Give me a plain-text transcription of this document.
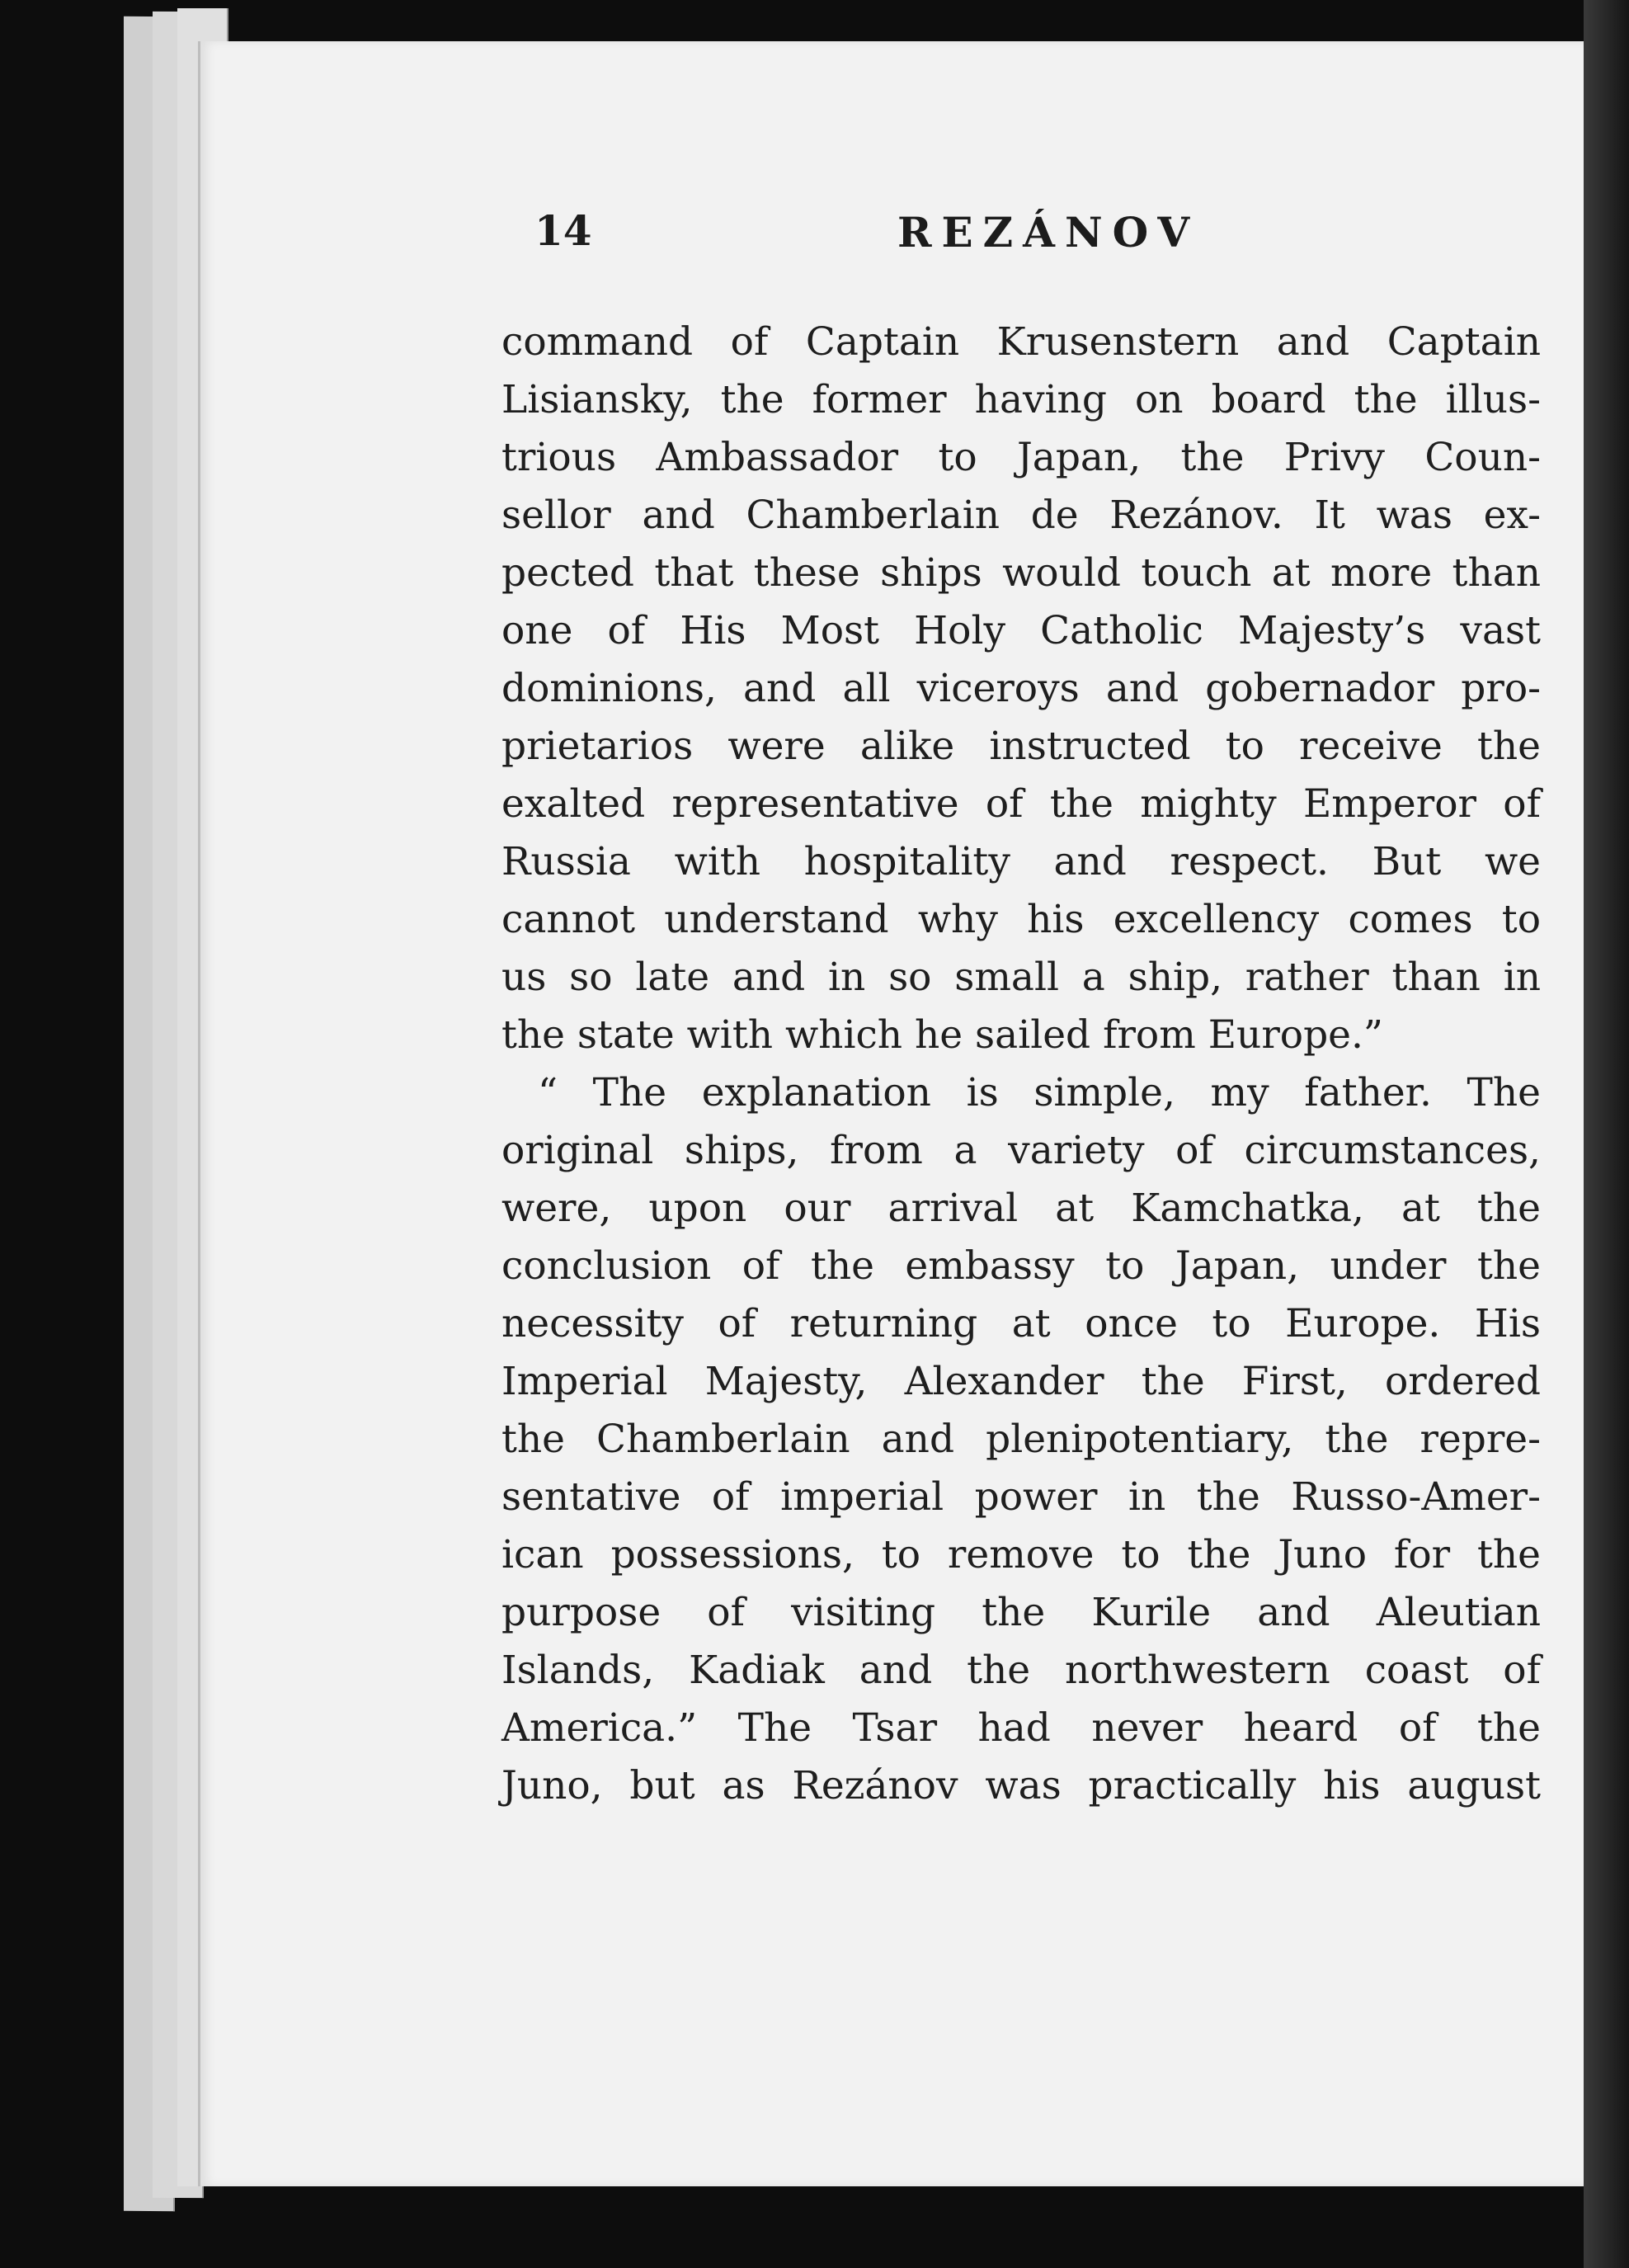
14	REZÁNOV
command of Captain Krusenstern and Captain
Lisiansky, the former having on board the illus-
trious Ambassador to Japan, the Privy Coun-
sellor and Chamberlain de Rezánov. It was ex-
pected that these ships would touch at more than
one of His Most Holy Catholic Majesty’s vast
dominions, and all viceroys and gobernador pro-
prietarios were alike instructed to receive the
exalted representative of the mighty Emperor of
Russia with hospitality and respect. But we
cannot understand why his excellency comes to
us so late and in so small a ship, rather than in
the state with which he sailed from Europe.”
“ The explanation is simple, my father. The
original ships, from a variety of circumstances,
were, upon our arrival at Kamchatka, at the
conclusion of the embassy to Japan, under the
necessity of returning at once to Europe. His
Imperial Majesty, Alexander the First, ordered
the Chamberlain and plenipotentiary, the repre-
sentative of imperial power in the Russo-Amer-
ican possessions, to remove to the Juno for the
purpose of visiting the Kurile and Aleutian
Islands, Kadiak and the northwestern coast of
America.” The Tsar had never heard of the
Juno, but as Rezánov was practically his august
